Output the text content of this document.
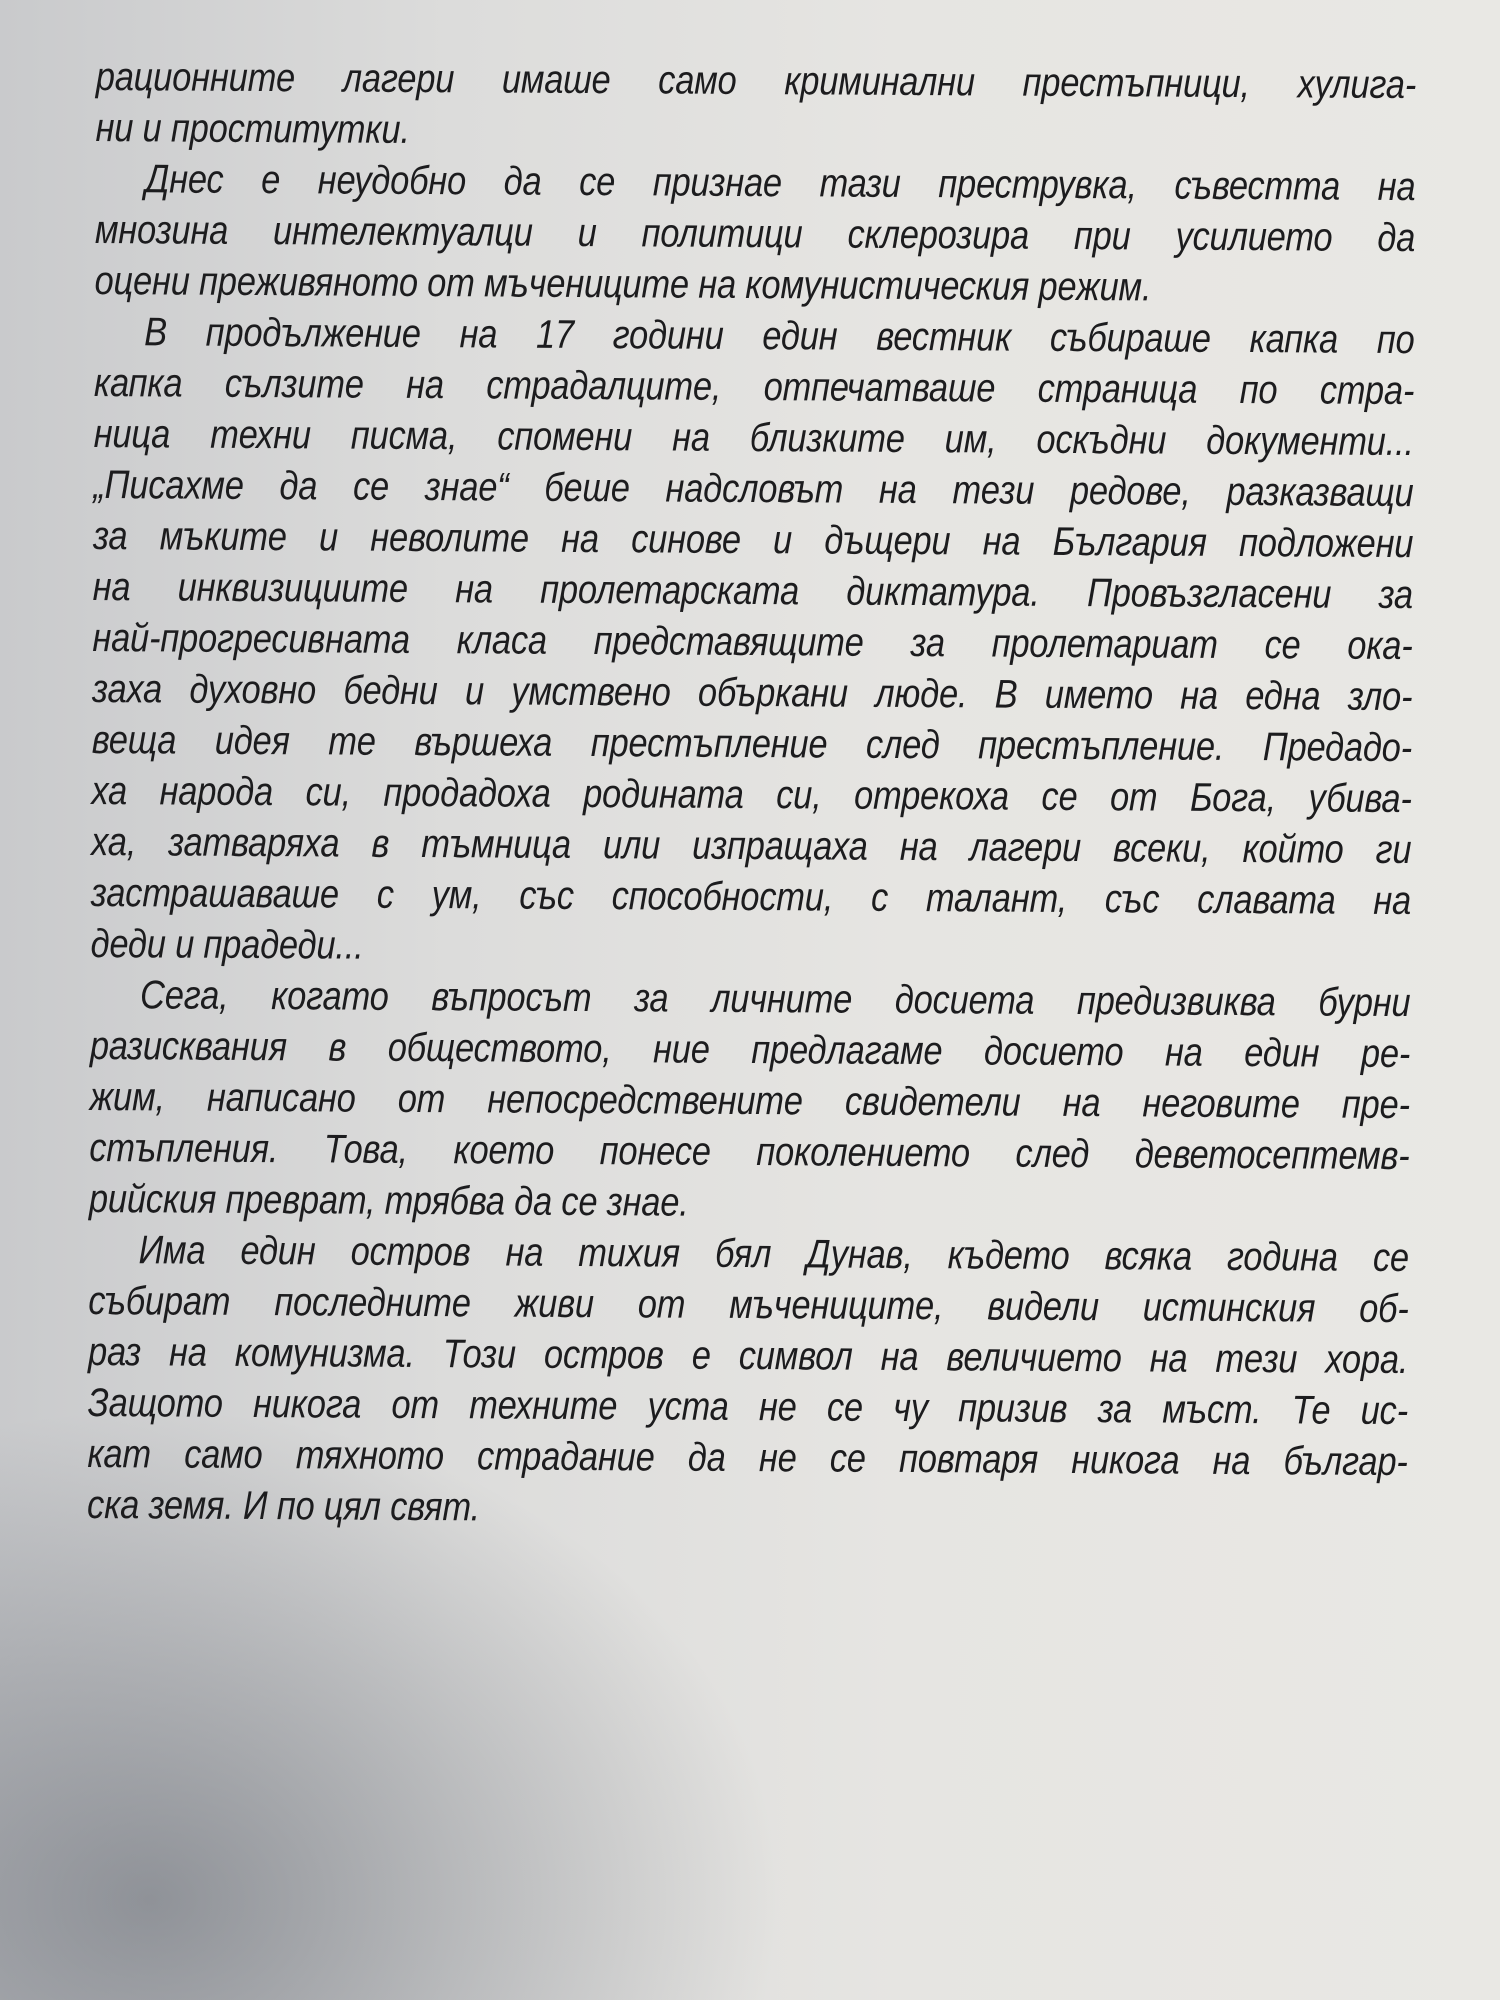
рационните лагери имаше само криминални престъпници, хулига-
ни и проститутки.
Днес е неудобно да се признае тази преструвка, съвестта на
мнозина интелектуалци и политици склерозира при усилието да
оцени преживяното от мъчениците на комунистическия режим.
В продължение на 17 години един вестник събираше капка по
капка сълзите на страдалците, отпечатваше страница по стра-
ница техни писма, спомени на близките им, оскъдни документи...
„Писахме да се знае“ беше надсловът на тези редове, разказващи
за мъките и неволите на синове и дъщери на България подложени
на инквизициите на пролетарската диктатура. Провъзгласени за
най-прогресивната класа представящите за пролетариат се ока-
заха духовно бедни и умствено объркани люде. В името на една зло-
веща идея те вършеха престъпление след престъпление. Предадо-
ха народа си, продадоха родината си, отрекоха се от Бога, убива-
ха, затваряха в тъмница или изпращаха на лагери всеки, който ги
застрашаваше с ум, със способности, с талант, със славата на
деди и прадеди...
Сега, когато въпросът за личните досиета предизвиква бурни
разисквания в обществото, ние предлагаме досието на един ре-
жим, написано от непосредствените свидетели на неговите пре-
стъпления. Това, което понесе поколението след деветосептемв-
рийския преврат, трябва да се знае.
Има един остров на тихия бял Дунав, където всяка година се
събират последните живи от мъчениците, видели истинския об-
раз на комунизма. Този остров е символ на величието на тези хора.
Защото никога от техните уста не се чу призив за мъст. Те ис-
кат само тяхното страдание да не се повтаря никога на българ-
ска земя. И по цял свят.
